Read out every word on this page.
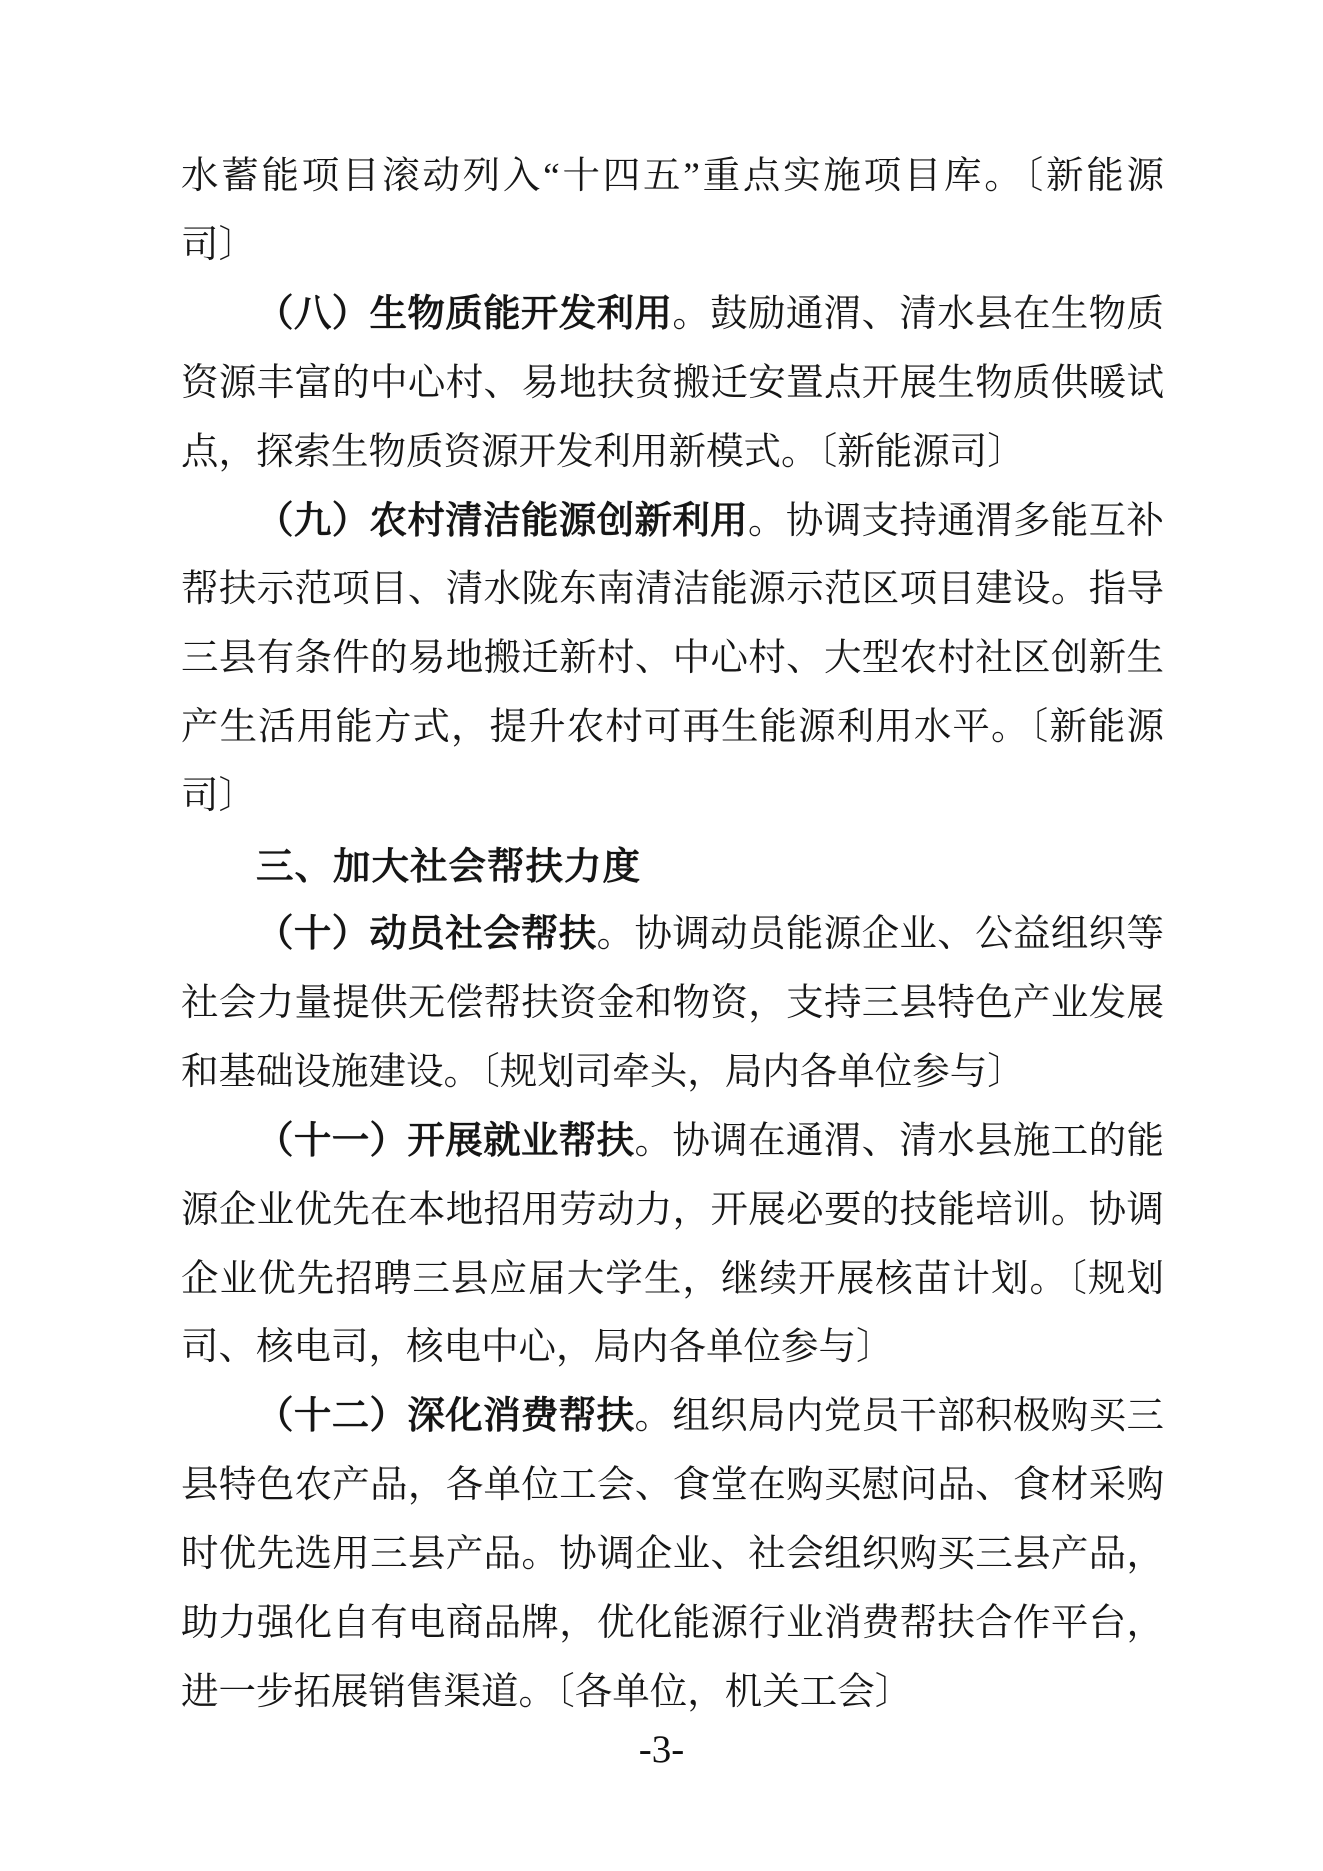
水蓄能项目滚动列入“十四五”重点实施项目库。〔新能源
司〕
（八）生物质能开发利用。鼓励通渭、清水县在生物质
资源丰富的中心村、易地扶贫搬迁安置点开展生物质供暖试
点，探索生物质资源开发利用新模式。〔新能源司〕
（九）农村清洁能源创新利用。协调支持通渭多能互补
帮扶示范项目、清水陇东南清洁能源示范区项目建设。指导
三县有条件的易地搬迁新村、中心村、大型农村社区创新生
产生活用能方式，提升农村可再生能源利用水平。〔新能源
司〕
三、加大社会帮扶力度
（十）动员社会帮扶。协调动员能源企业、公益组织等
社会力量提供无偿帮扶资金和物资，支持三县特色产业发展
和基础设施建设。〔规划司牵头，局内各单位参与〕
（十一）开展就业帮扶。协调在通渭、清水县施工的能
源企业优先在本地招用劳动力，开展必要的技能培训。协调
企业优先招聘三县应届大学生，继续开展核苗计划。〔规划
司、核电司，核电中心，局内各单位参与〕
（十二）深化消费帮扶。组织局内党员干部积极购买三
县特色农产品，各单位工会、食堂在购买慰问品、食材采购
时优先选用三县产品。协调企业、社会组织购买三县产品，
助力强化自有电商品牌，优化能源行业消费帮扶合作平台，
进一步拓展销售渠道。〔各单位，机关工会〕
-3-
